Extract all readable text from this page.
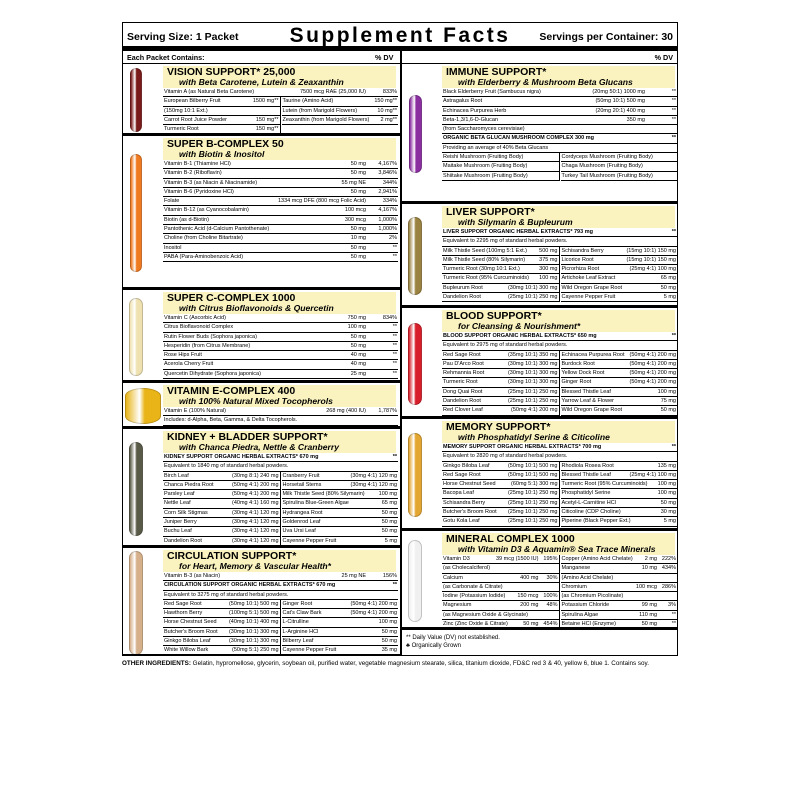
Serving Size: 1 Packet	Supplement Facts	Servings per Container: 30
Each Packet Contains:	% DV	% DV
VISION SUPPORT* 25,000
with Beta Carotene, Lutein & Zeaxanthin
Vitamin A (as Natural Beta Carotene)	7500 mcg RAE (25,000 IU)	833%
European Bilberry Fruit	1500 mg**
(150mg 10:1 Ext.)
Carrot Root Juice Powder	150 mg**
Turmeric Root	150 mg**
Taurine (Amino Acid)	150 mg**
Lutein (from Marigold Flowers)	10 mg**
Zeaxanthin (from Marigold Flowers) 2 mg**
SUPER B-COMPLEX 50
with Biotin & Inositol
Vitamin B-1 (Thiamine HCl)	50 mg 4,167%
Vitamin B-2 (Riboflavin)	50 mg 3,846%
Vitamin B-3 (as Niacin & Niacinamide)	55 mg NE	344%
Vitamin B-6 (Pyridoxine HCl)	50 mg 2,941%
Folate	1334 mcg DFE (800 mcg Folic Acid)	334%
Vitamin B-12 (as Cyanocobalamin)	100 mcg 4,167%
Biotin (as d-Biotin)	300 mcg 1,000%
Pantothenic Acid (d-Calcium Pantothenate)	50 mg 1,000%
Choline (from Choline Bitartrate)	10 mg	2%
Inositol	50 mg	**
PABA (Para-Aminobenzoic Acid)	50 mg	**
SUPER C-COMPLEX 1000
with Citrus Bioflavonoids & Quercetin
Vitamin C (Ascorbic Acid)	750 mg	834%
Citrus Bioflavonoid Complex	100 mg	**
Rutin Flower Buds (Sophora japonica)	50 mg	**
Hesperidin (from Citrus Membrane)	50 mg	**
Rose Hips Fruit	40 mg	**
Acerola Cherry Fruit	40 mg	**
Quercetin Dihydrate (Sophora japonica)	25 mg	**
VITAMIN E-COMPLEX 400
with 100% Natural Mixed Tocopherols
Vitamin E (100% Natural)	268 mg (400 IU) 1,787%
Includes: d-Alpha, Beta, Gamma, & Delta Tocopherols.
KIDNEY + BLADDER SUPPORT*
with Chanca Piedra, Nettle & Cranberry
KIDNEY SUPPORT ORGANIC HERBAL EXTRACTS* 670 mg	**
Equivalent to 1840 mg of standard herbal powders.
Birch Leaf	(30mg 8:1) 240 mg
Chanca Piedra Root	(50mg 4:1) 200 mg
Parsley Leaf	(50mg 4:1) 200 mg
Nettle Leaf	(40mg 4:1) 160 mg
Corn Silk Stigmas	(30mg 4:1) 120 mg
Juniper Berry	(30mg 4:1) 120 mg
Buchu Leaf	(30mg 4:1) 120 mg
Dandelion Root	(30mg 4:1) 120 mg
Cranberry Fruit	(30mg 4:1) 120 mg
Horsetail Stems	(30mg 4:1) 120 mg
Milk Thistle Seed (80% Silymarin)	100 mg
Spirulina Blue-Green Algae	65 mg
Hydrangea Root	50 mg
Goldenrod Leaf	50 mg
Uva Ursi Leaf	50 mg
Cayenne Pepper Fruit	5 mg
CIRCULATION SUPPORT*
for Heart, Memory & Vascular Health*
Vitamin B-3 (as Niacin)	25 mg NE	156%
CIRCULATION SUPPORT ORGANIC HERBAL EXTRACTS* 670 mg	**
Equivalent to 3275 mg of standard herbal powders.
Red Sage Root	(50mg 10:1) 500 mg
Hawthorn Berry	(100mg 5:1) 500 mg
Horse Chestnut Seed (40mg 10:1) 400 mg
Butcher's Broom Root (30mg 10:1) 300 mg
Ginkgo Biloba Leaf	(30mg 10:1) 300 mg
White Willow Bark	(50mg 5:1) 250 mg
Ginger Root	(50mg 4:1) 200 mg
Cat's Claw Bark	(50mg 4:1) 200 mg
L-Citrulline	100 mg
L-Arginine HCl	50 mg
Bilberry Leaf	50 mg
Cayenne Pepper Fruit	35 mg
IMMUNE SUPPORT*
with Elderberry & Mushroom Beta Glucans
Black Elderberry Fruit (Sambucus nigra)	(20mg 50:1) 1000 mg	**
Astragalus Root	(50mg 10:1) 500 mg	**
Echinacea Purpurea Herb	(20mg 20:1) 400 mg	**
Beta-1,3/1,6-D-Glucan	350 mg	**
(from Saccharomyces cerevisiae)
ORGANIC BETA GLUCAN MUSHROOM COMPLEX 300 mg	**
Providing an average of 40% Beta Glucans
Reishi Mushroom (Fruiting Body)
Maitake Mushroom (Fruiting Body)
Shiitake Mushroom (Fruiting Body)
Cordyceps Mushroom (Fruiting Body)
Chaga Mushroom (Fruiting Body)
Turkey Tail Mushroom (Fruiting Body)
LIVER SUPPORT*
with Silymarin & Bupleurum
LIVER SUPPORT ORGANIC HERBAL EXTRACTS* 793 mg	**
Equivalent to 2295 mg of standard herbal powders.
Milk Thistle Seed (100mg 5:1 Ext.) 500 mg
Milk Thistle Seed (80% Silymarin)	375 mg
Turmeric Root (30mg 10:1 Ext.)	300 mg
Turmeric Root (95% Curcuminoids) 100 mg
Bupleurum Root	(30mg 10:1) 300 mg
Dandelion Root	(25mg 10:1) 250 mg
Schisandra Berry	(15mg 10:1) 150 mg
Licorice Root	(15mg 10:1) 150 mg
Picrorhiza Root	(25mg 4:1) 100 mg
Artichoke Leaf Extract	65 mg
Wild Oregon Grape Root	50 mg
Cayenne Pepper Fruit	5 mg
BLOOD SUPPORT*
for Cleansing & Nourishment*
BLOOD SUPPORT ORGANIC HERBAL EXTRACTS* 650 mg	**
Equivalent to 2975 mg of standard herbal powders.
Red Sage Root	(35mg 10:1) 350 mg
Pau D'Arco Root	(30mg 10:1) 300 mg
Rehmannia Root	(30mg 10:1) 300 mg
Turmeric Root	(30mg 10:1) 300 mg
Dong Quai Root	(25mg 10:1) 250 mg
Dandelion Root	(25mg 10:1) 250 mg
Red Clover Leaf	(50mg 4:1) 200 mg
Echinacea Purpurea Root (50mg 4:1) 200 mg
Burdock Root	(50mg 4:1) 200 mg
Yellow Dock Root	(50mg 4:1) 200 mg
Ginger Root	(50mg 4:1) 200 mg
Blessed Thistle Leaf	100 mg
Yarrow Leaf & Flower	75 mg
Wild Oregon Grape Root	50 mg
MEMORY SUPPORT*
with Phosphatidyl Serine & Citicoline
MEMORY SUPPORT ORGANIC HERBAL EXTRACTS* 700 mg	**
Equivalent to 2820 mg of standard herbal powders.
Ginkgo Biloba Leaf	(50mg 10:1) 500 mg
Red Sage Root	(50mg 10:1) 500 mg
Horse Chestnut Seed	(60mg 5:1) 300 mg
Bacopa Leaf	(25mg 10:1) 250 mg
Schisandra Berry	(25mg 10:1) 250 mg
Butcher's Broom Root (25mg 10:1) 250 mg
Gotu Kola Leaf	(25mg 10:1) 250 mg
Rhodiola Rosea Root	135 mg
Blessed Thistle Leaf	(25mg 4:1) 100 mg
Turmeric Root (95% Curcuminoids) 100 mg
Phosphatidyl Serine	100 mg
Acetyl-L-Carnitine HCl	50 mg
Citicoline (CDP Choline)	30 mg
Piperine (Black Pepper Ext.)	5 mg
MINERAL COMPLEX 1000
with Vitamin D3 & Aquamin® Sea Trace Minerals
Vitamin D3	39 mcg (1500 IU) 195%
(as Cholecalciferol)
Calcium	400 mg 30%
(as Carbonate & Citrate)
Iodine (Potassium Iodide) 150 mcg 100%
Magnesium	200 mg 48%
(as Magnesium Oxide & Glycinate)
Zinc (Zinc Oxide & Citrate)	50 mg 454%
Copper (Amino Acid Chelate) 2 mg 222%
Manganese	10 mg 434%
(Amino Acid Chelate)
Chromium	100 mcg 286%
(as Chromium Picolinate)
Potassium Chloride	99 mg 3%
Spirulina Algae	110 mg	**
Betaine HCl (Enzyme)	50 mg	**
** Daily Value (DV) not established.
♣ Organically Grown
OTHER INGREDIENTS: Gelatin, hypromellose, glycerin, soybean oil, purified water, vegetable magnesium stearate, silica, titanium dioxide, FD&C red 3 & 40, yellow 6, blue 1. Contains soy.
